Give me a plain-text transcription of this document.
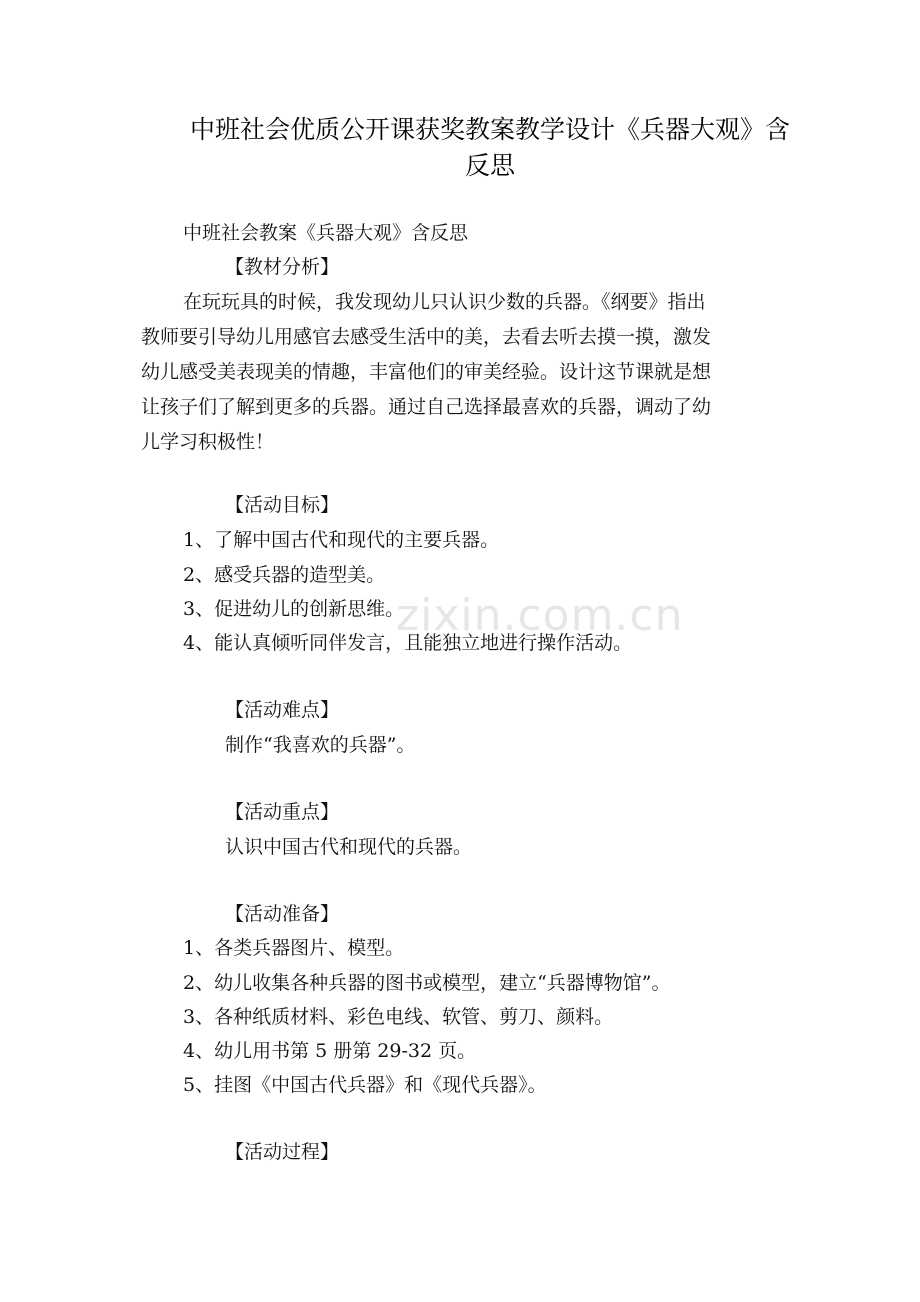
zixin.com.cn
中班社会优质公开课获奖教案教学设计《兵器大观》含
反思
中班社会教案《兵器大观》含反思
【教材分析】
在玩玩具的时候，我发现幼儿只认识少数的兵器。《纲要》指出
教师要引导幼儿用感官去感受生活中的美，去看去听去摸一摸，激发
幼儿感受美表现美的情趣，丰富他们的审美经验。设计这节课就是想
让孩子们了解到更多的兵器。通过自己选择最喜欢的兵器，调动了幼
儿学习积极性！
【活动目标】
1、了解中国古代和现代的主要兵器。
2、感受兵器的造型美。
3、促进幼儿的创新思维。
4、能认真倾听同伴发言，且能独立地进行操作活动。
【活动难点】
制作“我喜欢的兵器”。
【活动重点】
认识中国古代和现代的兵器。
【活动准备】
1、各类兵器图片、模型。
2、幼儿收集各种兵器的图书或模型，建立“兵器博物馆”。
3、各种纸质材料、彩色电线、软管、剪刀、颜料。
4、幼儿用书第 5 册第 29-32 页。
5、挂图《中国古代兵器》和《现代兵器》。
【活动过程】
